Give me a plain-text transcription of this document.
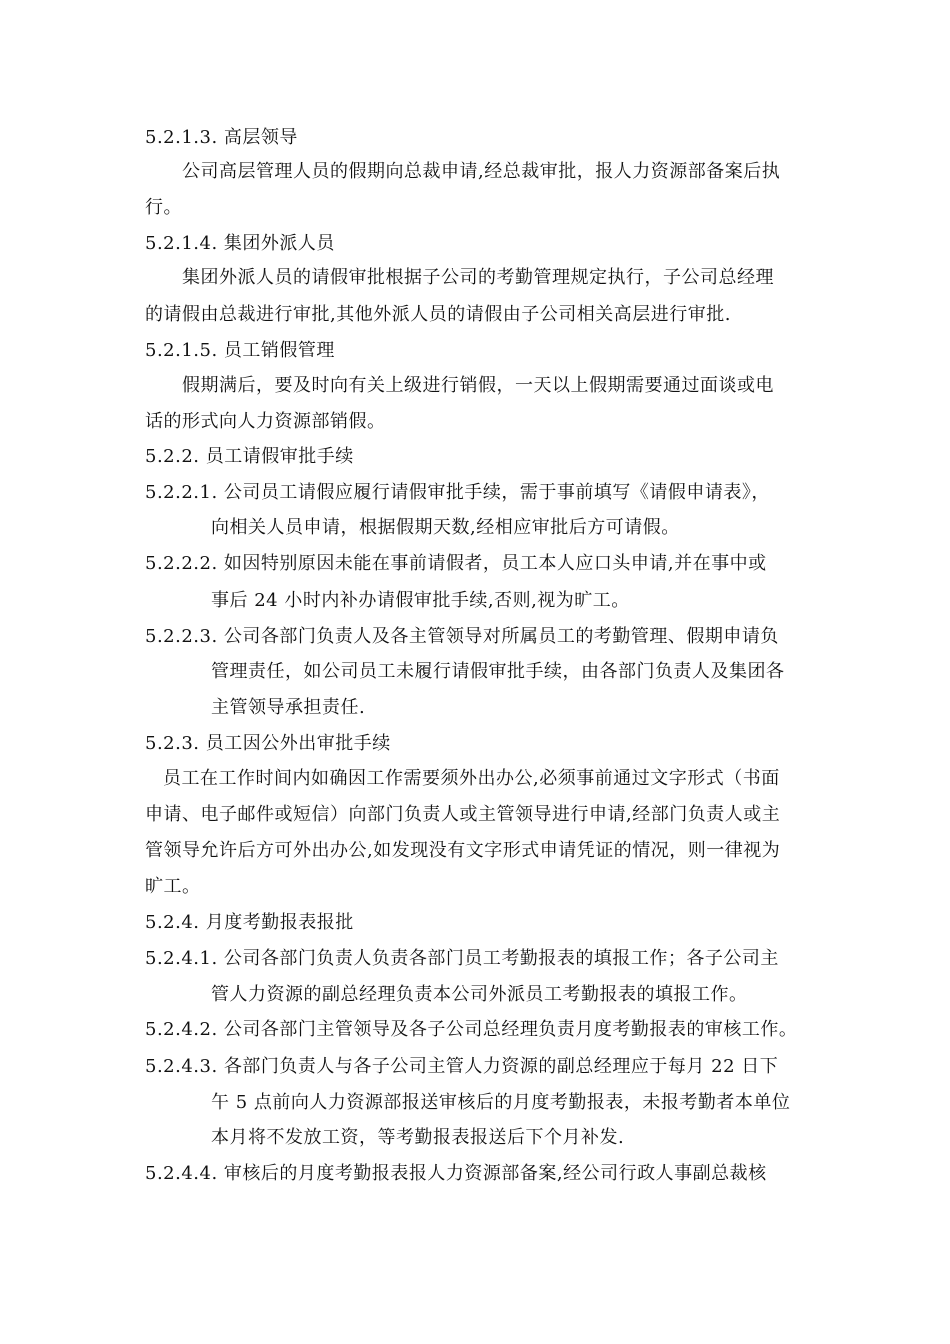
5.2.1.3. 高层领导
公司高层管理人员的假期向总裁申请,经总裁审批，报人力资源部备案后执
行。
5.2.1.4. 集团外派人员
集团外派人员的请假审批根据子公司的考勤管理规定执行，子公司总经理
的请假由总裁进行审批,其他外派人员的请假由子公司相关高层进行审批.
5.2.1.5. 员工销假管理
假期满后，要及时向有关上级进行销假，一天以上假期需要通过面谈或电
话的形式向人力资源部销假。
5.2.2. 员工请假审批手续
5.2.2.1. 公司员工请假应履行请假审批手续，需于事前填写《请假申请表》，
向相关人员申请，根据假期天数,经相应审批后方可请假。
5.2.2.2. 如因特别原因未能在事前请假者，员工本人应口头申请,并在事中或
事后 24 小时内补办请假审批手续,否则,视为旷工。
5.2.2.3. 公司各部门负责人及各主管领导对所属员工的考勤管理、假期申请负
管理责任，如公司员工未履行请假审批手续，由各部门负责人及集团各
主管领导承担责任.
5.2.3. 员工因公外出审批手续
员工在工作时间内如确因工作需要须外出办公,必须事前通过文字形式（书面
申请、电子邮件或短信）向部门负责人或主管领导进行申请,经部门负责人或主
管领导允许后方可外出办公,如发现没有文字形式申请凭证的情况，则一律视为
旷工。
5.2.4. 月度考勤报表报批
5.2.4.1. 公司各部门负责人负责各部门员工考勤报表的填报工作；各子公司主
管人力资源的副总经理负责本公司外派员工考勤报表的填报工作。
5.2.4.2. 公司各部门主管领导及各子公司总经理负责月度考勤报表的审核工作。
5.2.4.3. 各部门负责人与各子公司主管人力资源的副总经理应于每月 22 日下
午 5 点前向人力资源部报送审核后的月度考勤报表，未报考勤者本单位
本月将不发放工资，等考勤报表报送后下个月补发.
5.2.4.4. 审核后的月度考勤报表报人力资源部备案,经公司行政人事副总裁核
